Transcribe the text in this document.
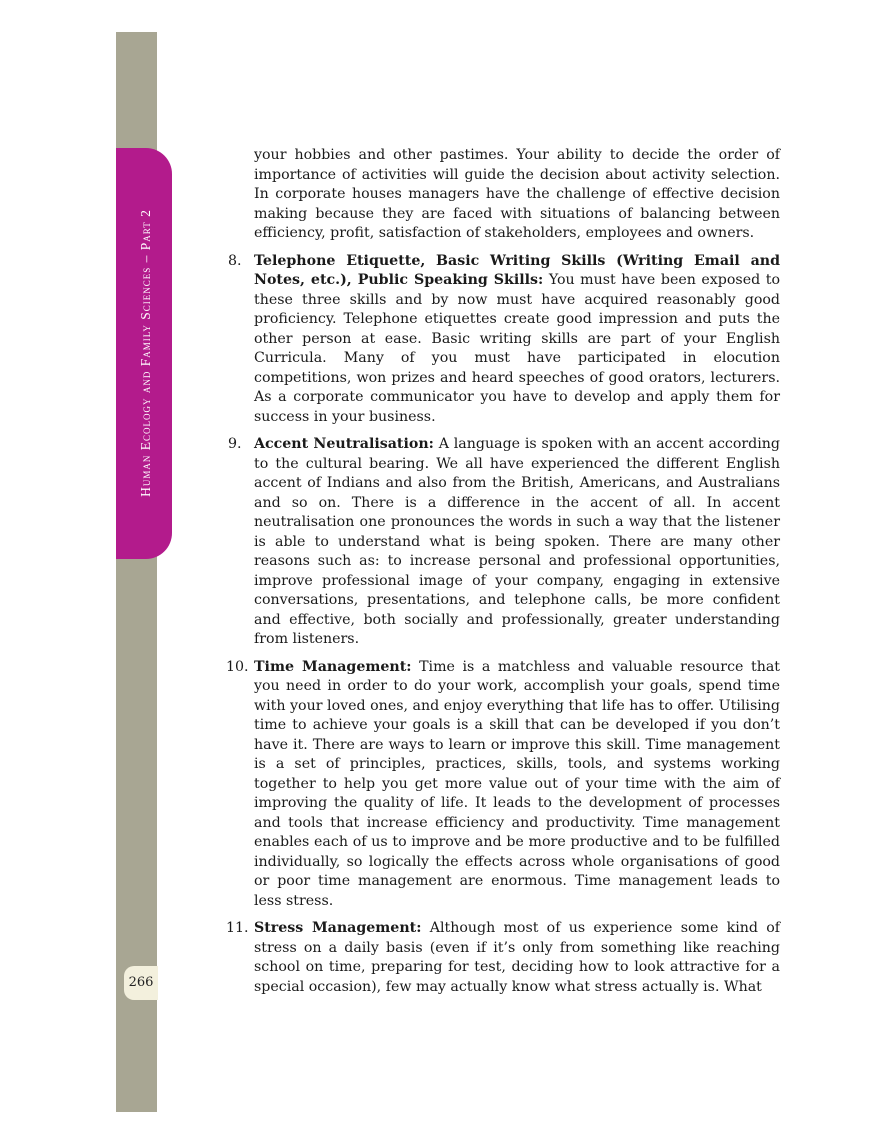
Human Ecology and Family Sciences – Part 2
266
your hobbies and other pastimes. Your ability to decide the order of importance of activities will guide the decision about activity selection. In corporate houses managers have the challenge of effective decision making because they are faced with situations of balancing between efficiency, profit, satisfaction of stakeholders, employees and owners.
8. Telephone Etiquette, Basic Writing Skills (Writing Email and Notes, etc.), Public Speaking Skills: You must have been exposed to these three skills and by now must have acquired reasonably good proficiency. Telephone etiquettes create good impression and puts the other person at ease. Basic writing skills are part of your English Curricula. Many of you must have participated in elocution competitions, won prizes and heard speeches of good orators, lecturers. As a corporate communicator you have to develop and apply them for success in your business.
9. Accent Neutralisation: A language is spoken with an accent according to the cultural bearing. We all have experienced the different English accent of Indians and also from the British, Americans, and Australians and so on. There is a difference in the accent of all. In accent neutralisation one pronounces the words in such a way that the listener is able to understand what is being spoken. There are many other reasons such as: to increase personal and professional opportunities, improve professional image of your company, engaging in extensive conversations, presentations, and telephone calls, be more confident and effective, both socially and professionally, greater understanding from listeners.
10. Time Management: Time is a matchless and valuable resource that you need in order to do your work, accomplish your goals, spend time with your loved ones, and enjoy everything that life has to offer. Utilising time to achieve your goals is a skill that can be developed if you don’t have it. There are ways to learn or improve this skill. Time management is a set of principles, practices, skills, tools, and systems working together to help you get more value out of your time with the aim of improving the quality of life. It leads to the development of processes and tools that increase efficiency and productivity. Time management enables each of us to improve and be more productive and to be fulfilled individually, so logically the effects across whole organisations of good or poor time management are enormous. Time management leads to less stress.
11. Stress Management: Although most of us experience some kind of stress on a daily basis (even if it’s only from something like reaching school on time, preparing for test, deciding how to look attractive for a special occasion), few may actually know what stress actually is. What
